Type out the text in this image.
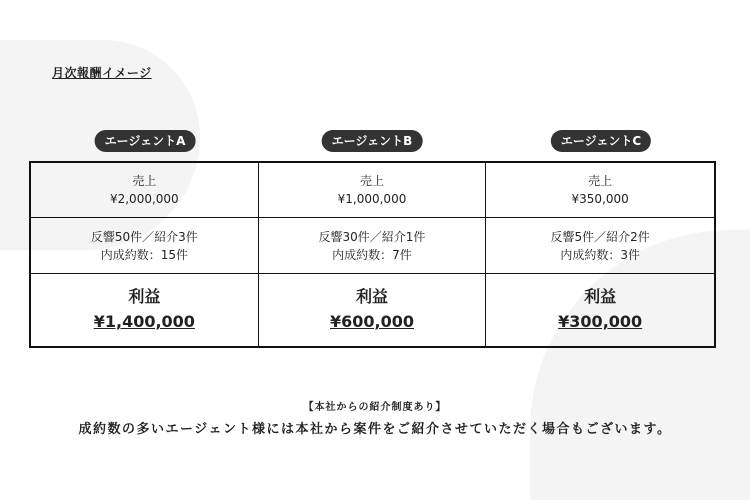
月次報酬イメージ
エージェントA	エージェントB	エージェントC
売上
¥2,000,000
売上
¥1,000,000
売上
¥350,000
反響50件／紹介3件
内成約数：15件
反響30件／紹介1件
内成約数：7件
反響5件／紹介2件
内成約数：3件
利益
¥1,400,000
利益
¥600,000
利益
¥300,000
【本社からの紹介制度あり】
成約数の多いエージェント様には本社から案件をご紹介させていただく場合もございます。
